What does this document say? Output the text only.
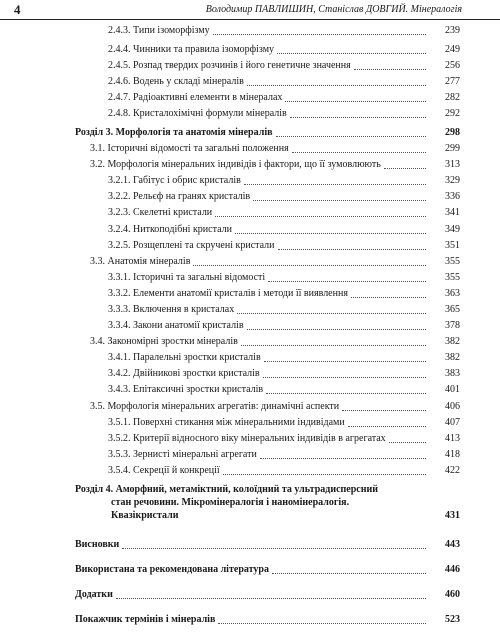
4	Володимир ПАВЛИШИН, Станіслав ДОВГИЙ. Мінералогія
2.4.3. Типи ізоморфізму	239
2.4.4. Чинники та правила ізоморфізму	249
2.4.5. Розпад твердих розчинів і його генетичне значення	256
2.4.6. Водень у складі мінералів	277
2.4.7. Радіоактивні елементи в мінералах	282
2.4.8. Кристалохімічні формули мінералів	292
Розділ 3. Морфологія та анатомія мінералів	298
3.1. Історичні відомості та загальні положення	299
3.2. Морфологія мінеральних індивідів і фактори, що її зумовлюють	313
3.2.1. Габітус і обрис кристалів	329
3.2.2. Рельєф на гранях кристалів	336
3.2.3. Скелетні кристали	341
3.2.4. Ниткоподібні кристали	349
3.2.5. Розщеплені та скручені кристали	351
3.3. Анатомія мінералів	355
3.3.1. Історичні та загальні відомості	355
3.3.2. Елементи анатомії кристалів і методи її виявлення	363
3.3.3. Включення в кристалах	365
3.3.4. Закони анатомії кристалів	378
3.4. Закономірні зростки мінералів	382
3.4.1. Паралельні зростки кристалів	382
3.4.2. Двійникові зростки кристалів	383
3.4.3. Епітаксичні зростки кристалів	401
3.5. Морфологія мінеральних агрегатів: динамічні аспекти	406
3.5.1. Поверхні стикання між мінеральними індивідами	407
3.5.2. Критерії відносного віку мінеральних індивідів в агрегатах	413
3.5.3. Зернисті мінеральні агрегати	418
3.5.4. Секреції й конкреції	422
Розділ 4. Аморфний, метаміктний, колоїдний та ультрадисперсний
стан речовини. Мікромінералогія і наномінералогія.
Квазікристали	431
Висновки	443
Використана та рекомендована література	446
Додатки	460
Покажчик термінів і мінералів	523
